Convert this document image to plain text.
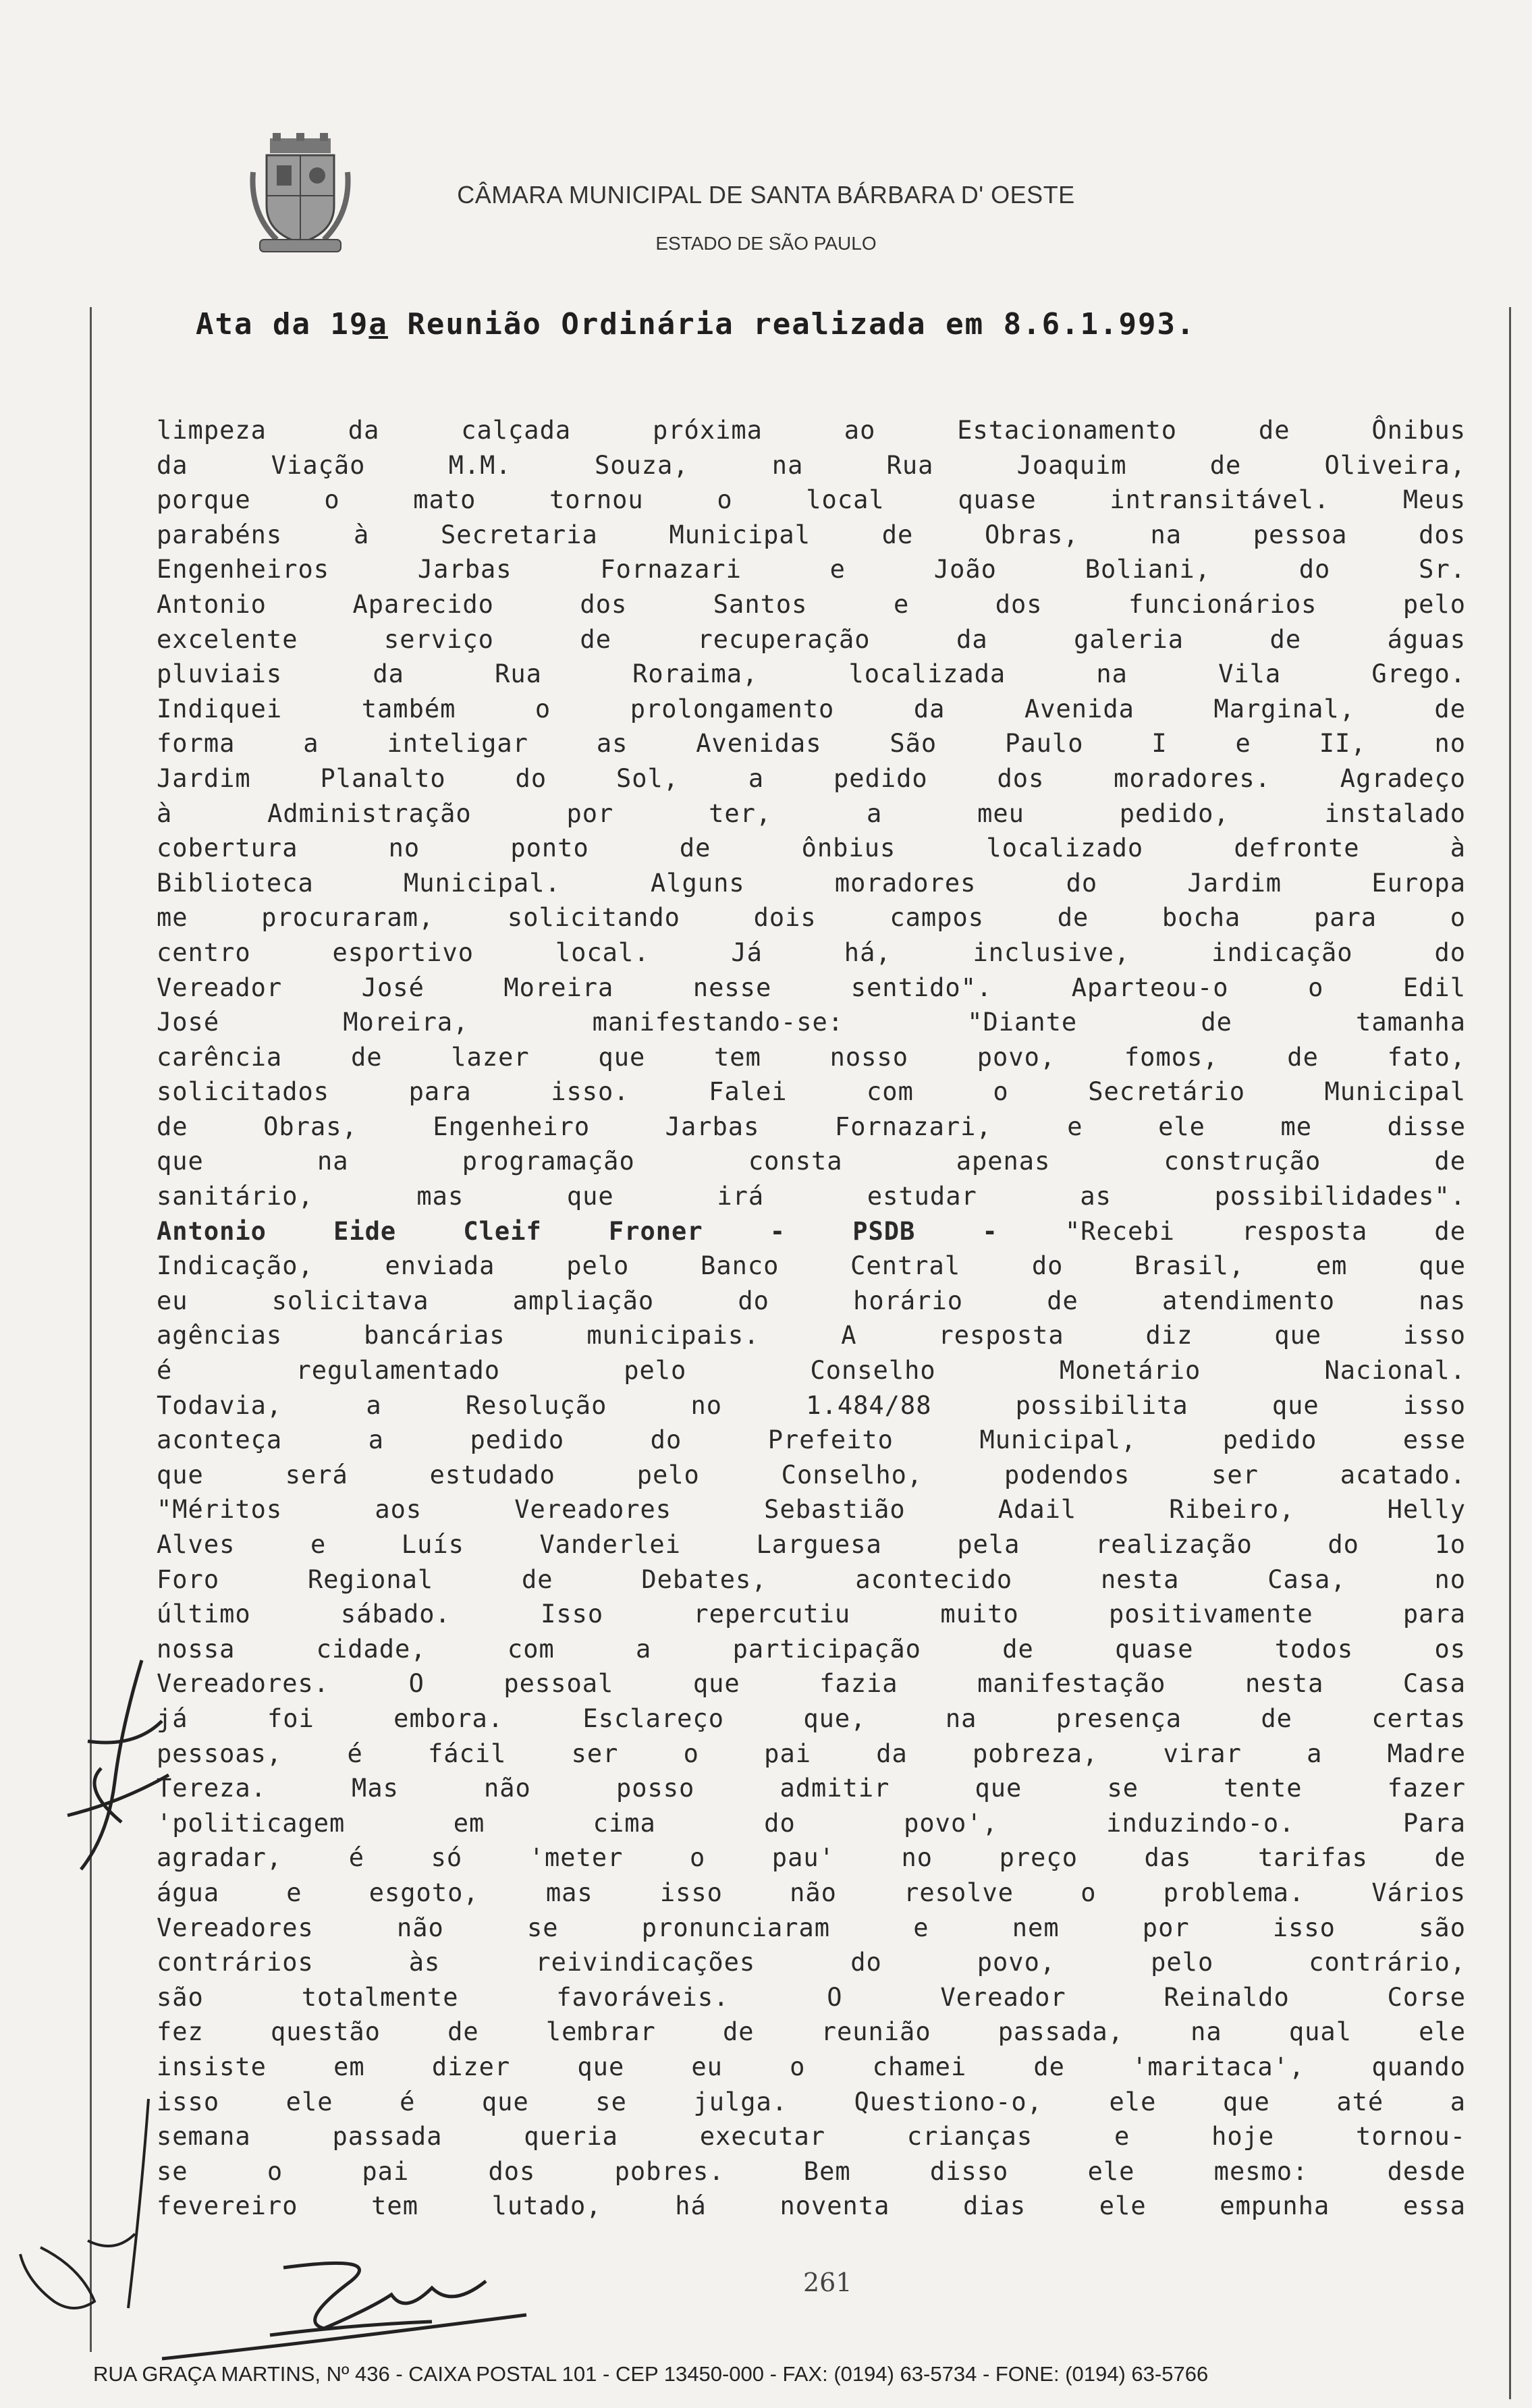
CÂMARA MUNICIPAL DE SANTA BÁRBARA D' OESTE
ESTADO DE SÃO PAULO
Ata da 19a Reunião Ordinária realizada em 8.6.1.993.
limpeza da calçada próxima ao Estacionamento de Ônibus
da Viação M.M. Souza, na Rua Joaquim de Oliveira,
porque o mato tornou o local quase intransitável. Meus
parabéns à Secretaria Municipal de Obras, na pessoa dos
Engenheiros Jarbas Fornazari e João Boliani, do Sr.
Antonio Aparecido dos Santos e dos funcionários pelo
excelente serviço de recuperação da galeria de águas
pluviais da Rua Roraima, localizada na Vila Grego.
Indiquei também o prolongamento da Avenida Marginal, de
forma a inteligar as Avenidas São Paulo I e II, no
Jardim Planalto do Sol, a pedido dos moradores. Agradeço
à Administração por ter, a meu pedido, instalado
cobertura no ponto de ônbius localizado defronte à
Biblioteca Municipal. Alguns moradores do Jardim Europa
me procuraram, solicitando dois campos de bocha para o
centro esportivo local. Já há, inclusive, indicação do
Vereador José Moreira nesse sentido". Aparteou-o o Edil
José Moreira, manifestando-se: "Diante de tamanha
carência de lazer que tem nosso povo, fomos, de fato,
solicitados para isso. Falei com o Secretário Municipal
de Obras, Engenheiro Jarbas Fornazari, e ele me disse
que na programação consta apenas construção de
sanitário, mas que irá estudar as possibilidades".
Antonio Eide Cleif Froner - PSDB - "Recebi resposta de
Indicação, enviada pelo Banco Central do Brasil, em que
eu solicitava ampliação do horário de atendimento nas
agências bancárias municipais. A resposta diz que isso
é regulamentado pelo Conselho Monetário Nacional.
Todavia, a Resolução no 1.484/88 possibilita que isso
aconteça a pedido do Prefeito Municipal, pedido esse
que será estudado pelo Conselho, podendos ser acatado.
"Méritos aos Vereadores Sebastião Adail Ribeiro, Helly
Alves e Luís Vanderlei Larguesa pela realização do 1o
Foro Regional de Debates, acontecido nesta Casa, no
último sábado. Isso repercutiu muito positivamente para
nossa cidade, com a participação de quase todos os
Vereadores. O pessoal que fazia manifestação nesta Casa
já foi embora. Esclareço que, na presença de certas
pessoas, é fácil ser o pai da pobreza, virar a Madre
Tereza. Mas não posso admitir que se tente fazer
'politicagem em cima do povo', induzindo-o. Para
agradar, é só 'meter o pau' no preço das tarifas de
água e esgoto, mas isso não resolve o problema. Vários
Vereadores não se pronunciaram e nem por isso são
contrários às reivindicações do povo, pelo contrário,
são totalmente favoráveis. O Vereador Reinaldo Corse
fez questão de lembrar de reunião passada, na qual ele
insiste em dizer que eu o chamei de 'maritaca', quando
isso ele é que se julga. Questiono-o, ele que até a
semana passada queria executar crianças e hoje tornou-
se o pai dos pobres. Bem disso ele mesmo: desde
fevereiro tem lutado, há noventa dias ele empunha essa
261
RUA GRAÇA MARTINS, Nº 436 - CAIXA POSTAL 101 - CEP 13450-000 - FAX: (0194) 63-5734 - FONE: (0194) 63-5766
